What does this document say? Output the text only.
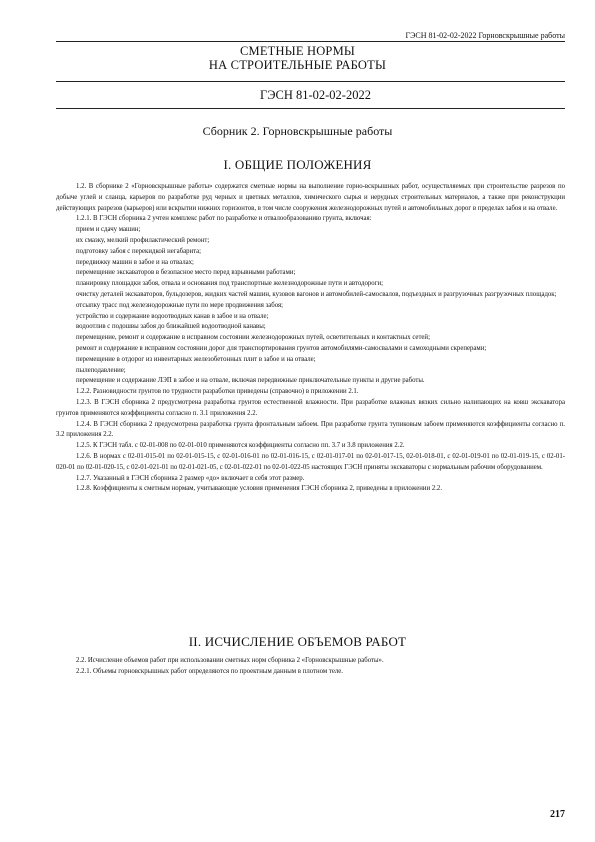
ГЭСН 81-02-02-2022 Горновскрышные работы
СМЕТНЫЕ НОРМЫ
НА СТРОИТЕЛЬНЫЕ РАБОТЫ
ГЭСН 81-02-02-2022
Сборник 2. Горновскрышные работы
I. ОБЩИЕ ПОЛОЖЕНИЯ

1.2. В сборнике 2 «Горновскрышные работы» содержатся сметные нормы на выполнение горно-вскрышных работ, осуществляемых при строительстве разрезов по добыче углей и сланца, карьеров по разработке руд черных и цветных металлов, химического сырья и нерудных строительных материалов, а также при реконструкции действующих разрезов (карьеров) или вскрытии нижних горизонтов, в том числе сооружения железнодорожных путей и автомобильных дорог в пределах забоя и на отвале.

1.2.1. В ГЭСН сборника 2 учтен комплекс работ по разработке и отвалообразованию грунта, включая:

прием и сдачу машин;

их смазку, мелкий профилактический ремонт;

подготовку забоя с перекидкой негабарита;

передвижку машин в забое и на отвалах;

перемещение экскаваторов в безопасное место перед взрывными работами;

планировку площадки забоя, отвала и основания под транспортные железнодорожные пути и автодороги;

очистку деталей экскаваторов, бульдозеров, жидких частей машин, кузовов вагонов и автомобилей-самосвалов, подъездных и разгрузочных разгрузочных площадок;

отсыпку трасс под железнодорожные пути по мере продвижения забоя;

устройство и содержание водоотводных канав в забое и на отвале;

водоотлив с подошвы забоя до ближайшей водоотводной канавы;

перемещение, ремонт и содержание в исправном состоянии железнодорожных путей, осветительных и контактных сетей;

ремонт и содержание в исправном состоянии дорог для транспортирования грунтов автомобилями-самосвалами и самоходными скреперами;

перемещение в отдорог из инвентарных железобетонных плит в забое и на отвале;

пылеподавление;

перемещение и содержание ЛЭП в забое и на отвале, включая передвижные приключательные пункты и другие работы.

1.2.2. Разновидности грунтов по трудности разработки приведены (справочно) в приложении 2.1.

1.2.3. В ГЭСН сборника 2 предусмотрена разработка грунтов естественной влажности. При разработке влажных вязких сильно налипающих на ковш экскаватора грунтов применяются коэффициенты согласно п. 3.1 приложения 2.2.

1.2.4. В ГЭСН сборника 2 предусмотрена разработка грунта фронтальным забоем. При разработке грунта тупиковым забоем применяются коэффициенты согласно п. 3.2 приложения 2.2.

1.2.5. К ГЭСН табл. с 02-01-008 по 02-01-010 применяются коэффициенты согласно пп. 3.7 и 3.8 приложения 2.2.

1.2.6. В нормах с 02-01-015-01 по 02-01-015-15, с 02-01-016-01 по 02-01-016-15, с 02-01-017-01 по 02-01-017-15, 02-01-018-01, с 02-01-019-01 по 02-01-019-15, с 02-01-020-01 по 02-01-020-15, с 02-01-021-01 по 02-01-021-05, с 02-01-022-01 по 02-01-022-05 настоящих ГЭСН приняты экскаваторы с нормальным рабочим оборудованием.

1.2.7. Указанный в ГЭСН сборника 2 размер «до» включает в себя этот размер.

1.2.8. Коэффициенты к сметным нормам, учитывающие условия применения ГЭСН сборника 2, приведены в приложении 2.2.

II. ИСЧИСЛЕНИЕ ОБЪЕМОВ РАБОТ

2.2. Исчисление объемов работ при использовании сметных норм сборника 2 «Горновскрышные работы».

2.2.1. Объемы горновскрышных работ определяются по проектным данным в плотном теле.

217
